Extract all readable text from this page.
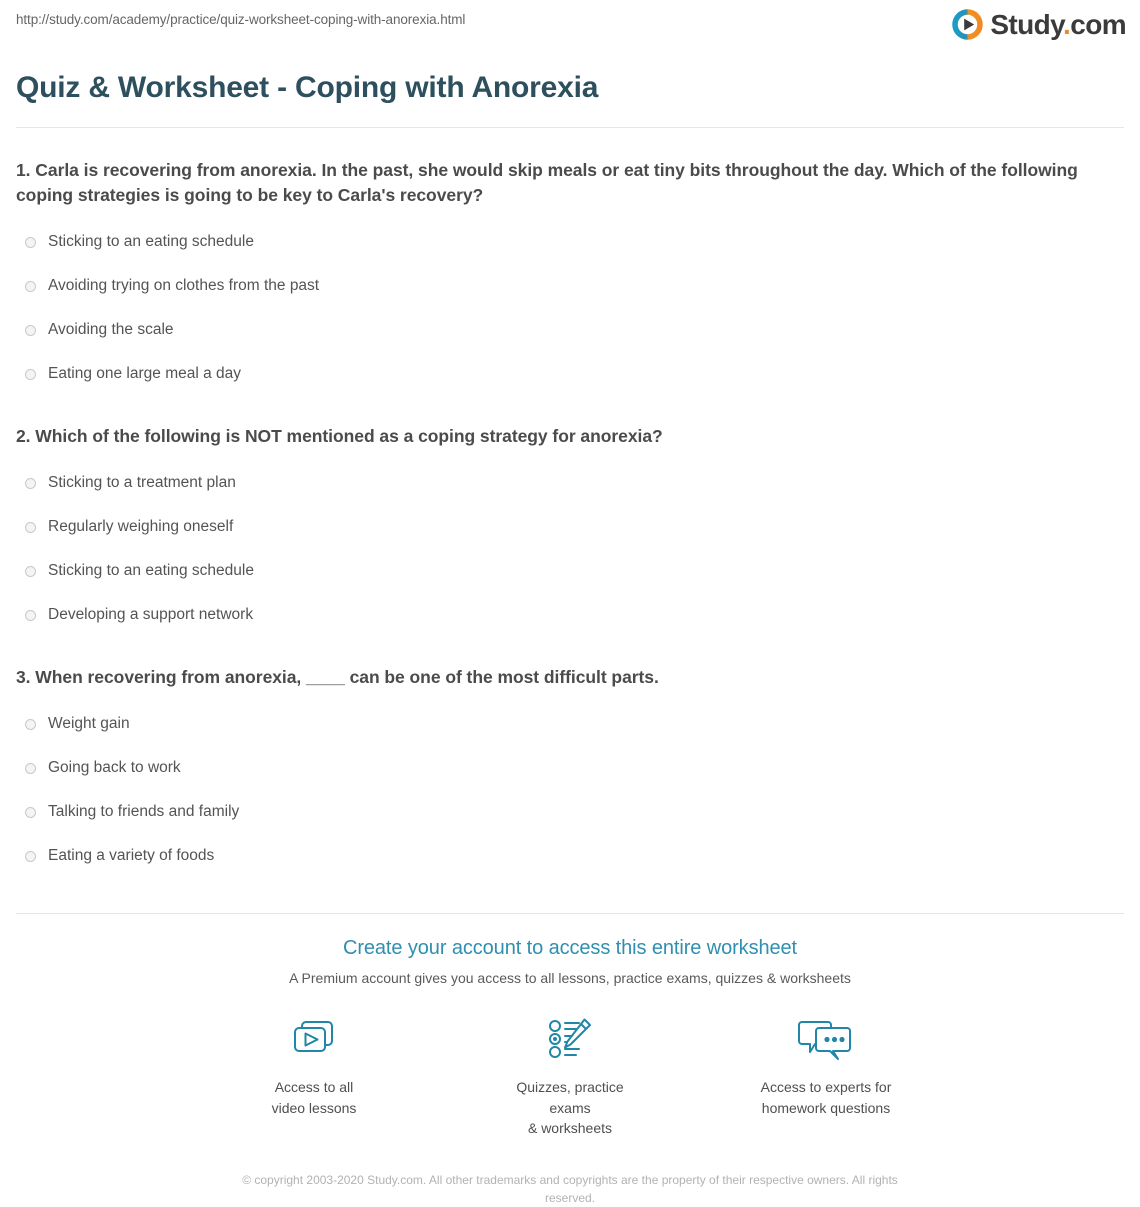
http://study.com/academy/practice/quiz-worksheet-coping-with-anorexia.html	Study.com
Quiz & Worksheet - Coping with Anorexia

1. Carla is recovering from anorexia. In the past, she would skip meals or eat tiny bits throughout the day. Which of the following coping strategies is going to be key to Carla's recovery?

Sticking to an eating schedule
Avoiding trying on clothes from the past
Avoiding the scale
Eating one large meal a day

2. Which of the following is NOT mentioned as a coping strategy for anorexia?

Sticking to a treatment plan
Regularly weighing oneself
Sticking to an eating schedule
Developing a support network

3. When recovering from anorexia, ____ can be one of the most difficult parts.

Weight gain
Going back to work
Talking to friends and family
Eating a variety of foods
Create your account to access this entire worksheet
A Premium account gives you access to all lessons, practice exams, quizzes & worksheets
Access to all
video lessons
Quizzes, practice exams
& worksheets
Access to experts for
homework questions
© copyright 2003-2020 Study.com. All other trademarks and copyrights are the property of their respective owners. All rights reserved.
